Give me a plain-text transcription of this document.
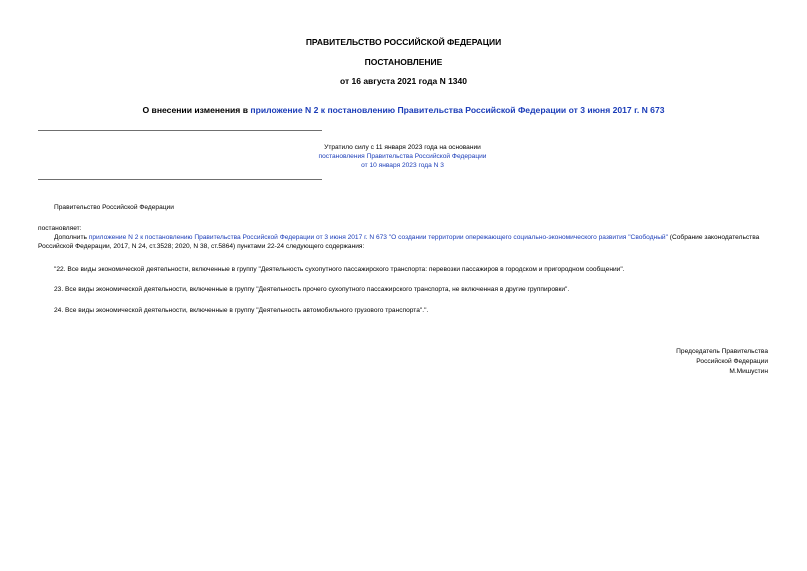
ПРАВИТЕЛЬСТВО РОССИЙСКОЙ ФЕДЕРАЦИИ
ПОСТАНОВЛЕНИЕ
от 16 августа 2021 года N 1340
О внесении изменения в приложение N 2 к постановлению Правительства Российской Федерации от 3 июня 2017 г. N 673
Утратило силу с 11 января 2023 года на основании
постановления Правительства Российской Федерации
от 10 января 2023 года N 3
Правительство Российской Федерации
постановляет:
Дополнить приложение N 2 к постановлению Правительства Российской Федерации от 3 июня 2017 г. N 673 "О создании территории опережающего социально-экономического развития "Свободный" (Собрание законодательства Российской Федерации, 2017, N 24, ст.3528; 2020, N 38, ст.5864) пунктами 22-24 следующего содержания:
"22. Все виды экономической деятельности, включенные в группу "Деятельность сухопутного пассажирского транспорта: перевозки пассажиров в городском и пригородном сообщении".
23. Все виды экономической деятельности, включенные в группу "Деятельность прочего сухопутного пассажирского транспорта, не включенная в другие группировки".
24. Все виды экономической деятельности, включенные в группу "Деятельность автомобильного грузового транспорта".".
Председатель Правительства
Российской Федерации
М.Мишустин
